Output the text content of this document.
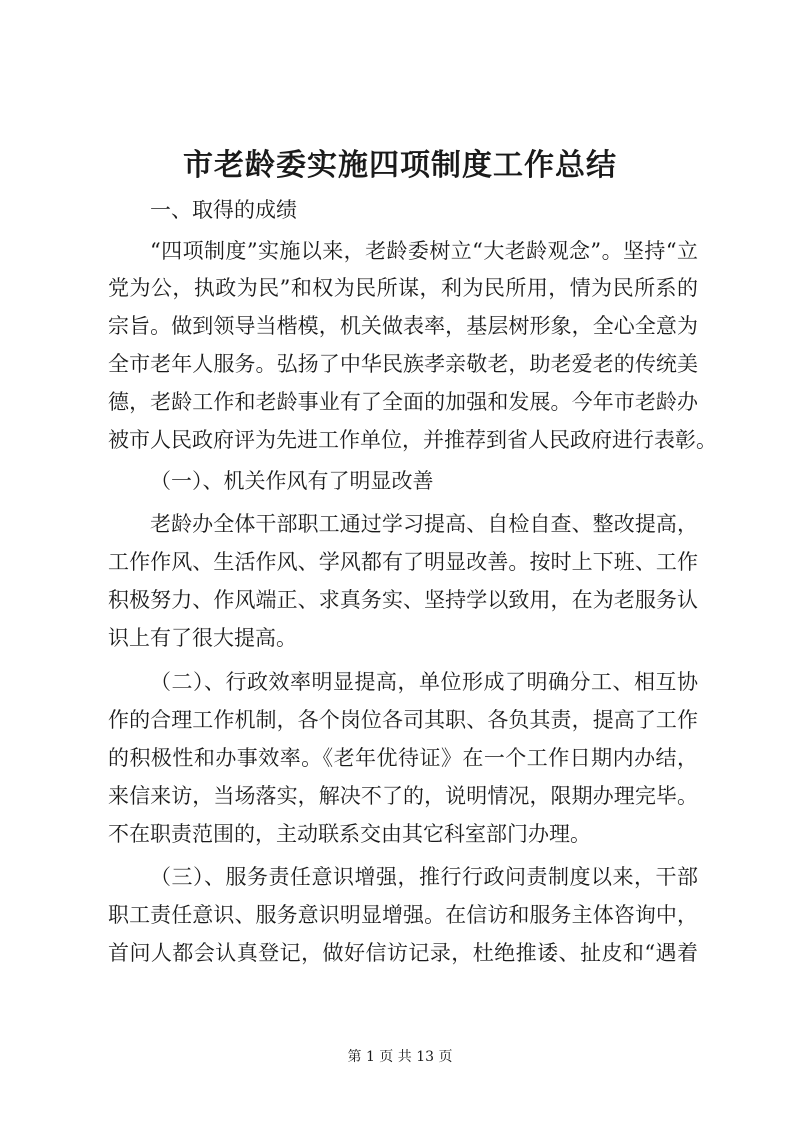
市老龄委实施四项制度工作总结
一、取得的成绩
“四项制度”实施以来，老龄委树立“大老龄观念”。坚持“立
党为公，执政为民”和权为民所谋，利为民所用，情为民所系的
宗旨。做到领导当楷模，机关做表率，基层树形象，全心全意为
全市老年人服务。弘扬了中华民族孝亲敬老，助老爱老的传统美
德，老龄工作和老龄事业有了全面的加强和发展。今年市老龄办
被市人民政府评为先进工作单位，并推荐到省人民政府进行表彰。
（一）、机关作风有了明显改善
老龄办全体干部职工通过学习提高、自检自查、整改提高，
工作作风、生活作风、学风都有了明显改善。按时上下班、工作
积极努力、作风端正、求真务实、坚持学以致用，在为老服务认
识上有了很大提高。
（二）、行政效率明显提高，单位形成了明确分工、相互协
作的合理工作机制，各个岗位各司其职、各负其责，提高了工作
的积极性和办事效率。《老年优待证》在一个工作日期内办结，
来信来访，当场落实，解决不了的，说明情况，限期办理完毕。
不在职责范围的，主动联系交由其它科室部门办理。
（三）、服务责任意识增强，推行行政问责制度以来，干部
职工责任意识、服务意识明显增强。在信访和服务主体咨询中，
首问人都会认真登记，做好信访记录，杜绝推诿、扯皮和“遇着
第 1 页 共 13 页
